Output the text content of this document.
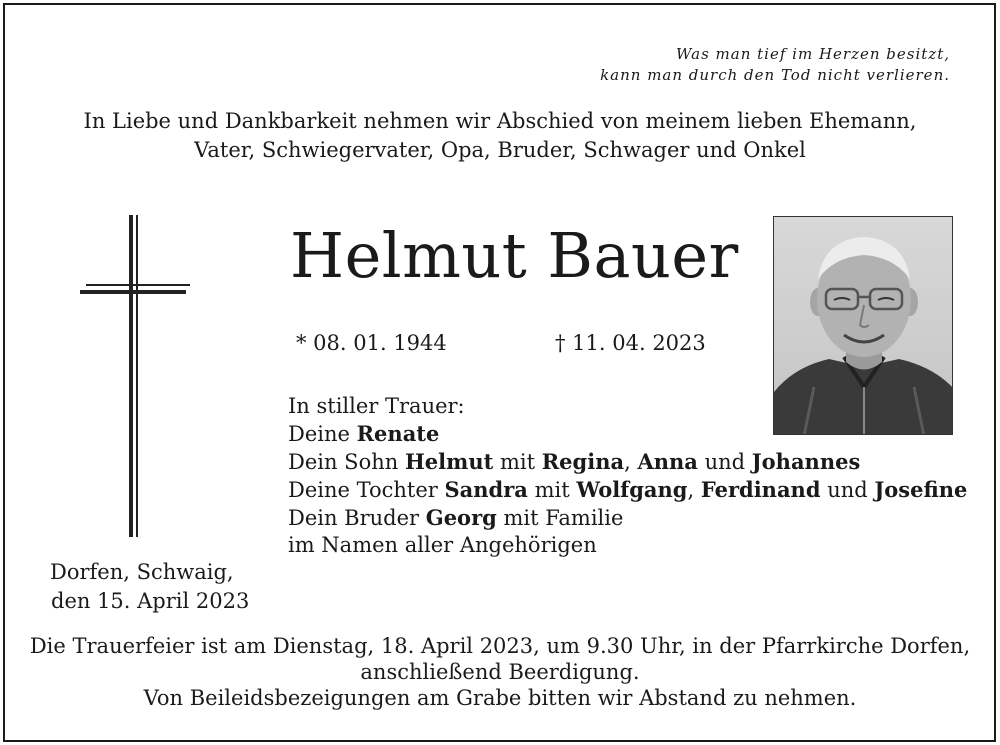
Was man tief im Herzen besitzt,
kann man durch den Tod nicht verlieren.
In Liebe und Dankbarkeit nehmen wir Abschied von meinem lieben Ehemann,
Vater, Schwiegervater, Opa, Bruder, Schwager und Onkel
Helmut Bauer
* 08. 01. 1944	† 11. 04. 2023
In stiller Trauer:
Deine Renate
Dein Sohn Helmut mit Regina, Anna und Johannes
Deine Tochter Sandra mit Wolfgang, Ferdinand und Josefine
Dein Bruder Georg mit Familie
im Namen aller Angehörigen
Dorfen, Schwaig,
den 15. April 2023
Die Trauerfeier ist am Dienstag, 18. April 2023, um 9.30 Uhr, in der Pfarrkirche Dorfen,
anschließend Beerdigung.
Von Beileidsbezeigungen am Grabe bitten wir Abstand zu nehmen.
